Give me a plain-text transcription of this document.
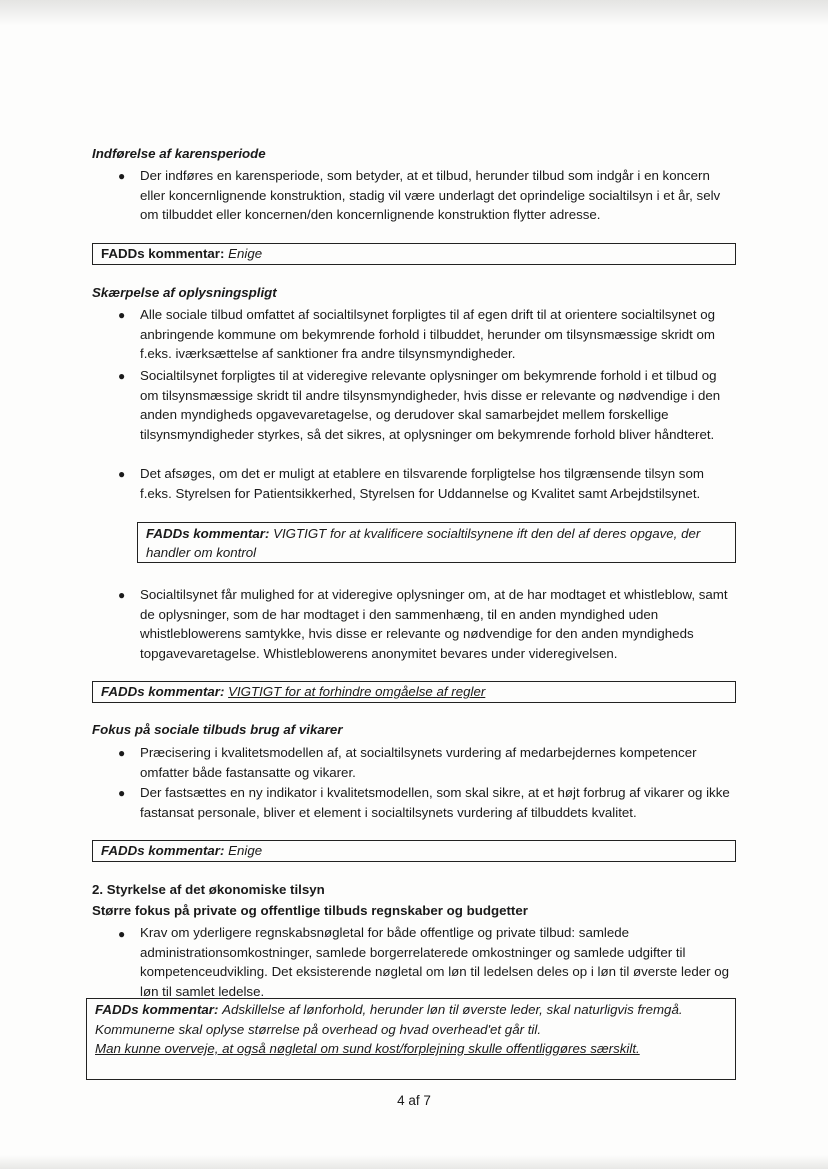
Indførelse af karensperiode
● Der indføres en karensperiode, som betyder, at et tilbud, herunder tilbud som indgår i en koncern eller koncernlignende konstruktion, stadig vil være underlagt det oprindelige socialtilsyn i et år, selv om tilbuddet eller koncernen/den koncernlignende konstruktion flytter adresse.
FADDs kommentar: Enige
Skærpelse af oplysningspligt
● Alle sociale tilbud omfattet af socialtilsynet forpligtes til af egen drift til at orientere socialtilsynet og anbringende kommune om bekymrende forhold i tilbuddet, herunder om tilsynsmæssige skridt om f.eks. iværksættelse af sanktioner fra andre tilsynsmyndigheder.
● Socialtilsynet forpligtes til at videregive relevante oplysninger om bekymrende forhold i et tilbud og om tilsynsmæssige skridt til andre tilsynsmyndigheder, hvis disse er relevante og nødvendige i den anden myndigheds opgavevaretagelse, og derudover skal samarbejdet mellem forskellige tilsynsmyndigheder styrkes, så det sikres, at oplysninger om bekymrende forhold bliver håndteret.
● Det afsøges, om det er muligt at etablere en tilsvarende forpligtelse hos tilgrænsende tilsyn som f.eks. Styrelsen for Patientsikkerhed, Styrelsen for Uddannelse og Kvalitet samt Arbejdstilsynet.
FADDs kommentar: VIGTIGT for at kvalificere socialtilsynene ift den del af deres opgave, der handler om kontrol
● Socialtilsynet får mulighed for at videregive oplysninger om, at de har modtaget et whistleblow, samt de oplysninger, som de har modtaget i den sammenhæng, til en anden myndighed uden whistleblowerens samtykke, hvis disse er relevante og nødvendige for den anden myndigheds topgavevaretagelse. Whistleblowerens anonymitet bevares under videregivelsen.
FADDs kommentar: VIGTIGT for at forhindre omgåelse af regler
Fokus på sociale tilbuds brug af vikarer
● Præcisering i kvalitetsmodellen af, at socialtilsynets vurdering af medarbejdernes kompetencer omfatter både fastansatte og vikarer.
● Der fastsættes en ny indikator i kvalitetsmodellen, som skal sikre, at et højt forbrug af vikarer og ikke fastansat personale, bliver et element i socialtilsynets vurdering af tilbuddets kvalitet.
FADDs kommentar: Enige
2. Styrkelse af det økonomiske tilsyn
Større fokus på private og offentlige tilbuds regnskaber og budgetter
● Krav om yderligere regnskabsnøgletal for både offentlige og private tilbud: samlede administrationsomkostninger, samlede borgerrelaterede omkostninger og samlede udgifter til kompetenceudvikling. Det eksisterende nøgletal om løn til ledelsen deles op i løn til øverste leder og løn til samlet ledelse.
FADDs kommentar: Adskillelse af lønforhold, herunder løn til øverste leder, skal naturligvis fremgå.
Kommunerne skal oplyse størrelse på overhead og hvad overhead'et går til.
Man kunne overveje, at også nøgletal om sund kost/forplejning skulle offentliggøres særskilt.
4 af 7
